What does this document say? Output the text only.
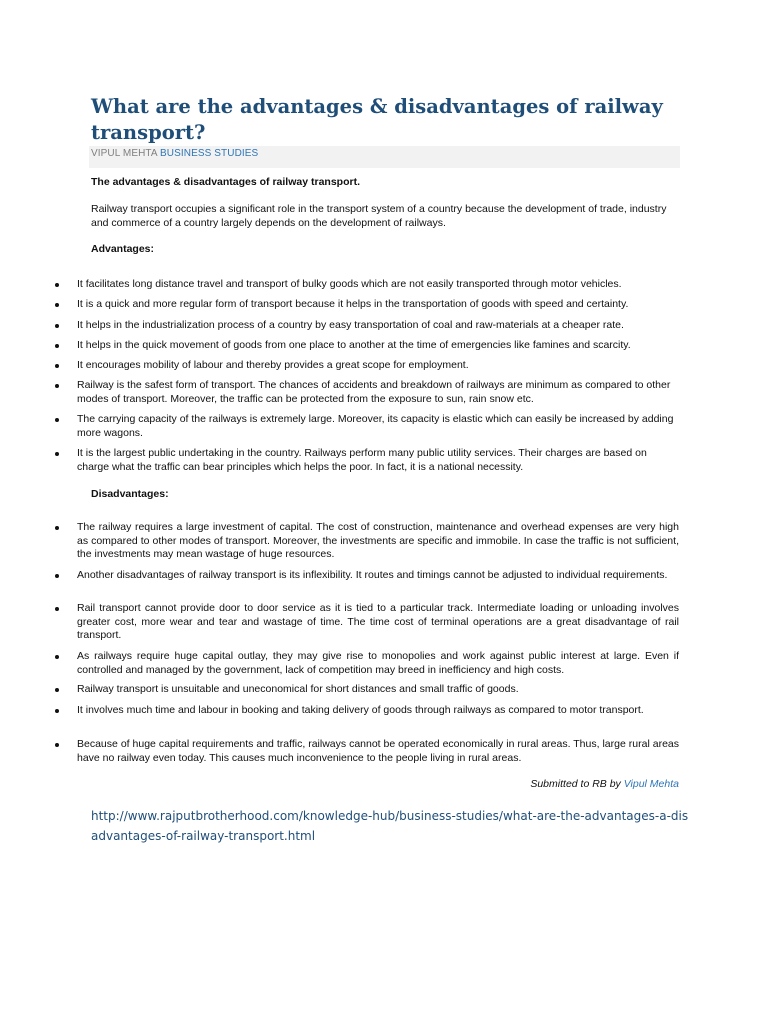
What are the advantages & disadvantages of railway transport?
VIPUL MEHTA BUSINESS STUDIES

The advantages & disadvantages of railway transport.

Railway transport occupies a significant role in the transport system of a country because the development of trade, industry and commerce of a country largely depends on the development of railways.

Advantages:

It facilitates long distance travel and transport of bulky goods which are not easily transported through motor vehicles.
It is a quick and more regular form of transport because it helps in the transportation of goods with speed and certainty.
It helps in the industrialization process of a country by easy transportation of coal and raw-materials at a cheaper rate.
It helps in the quick movement of goods from one place to another at the time of emergencies like famines and scarcity.
It encourages mobility of labour and thereby provides a great scope for employment.
Railway is the safest form of transport. The chances of accidents and breakdown of railways are minimum as compared to other modes of transport. Moreover, the traffic can be protected from the exposure to sun, rain snow etc.
The carrying capacity of the railways is extremely large. Moreover, its capacity is elastic which can easily be increased by adding more wagons.
It is the largest public undertaking in the country. Railways perform many public utility services. Their charges are based on charge what the traffic can bear principles which helps the poor. In fact, it is a national necessity.

Disadvantages:

The railway requires a large investment of capital. The cost of construction, maintenance and overhead expenses are very high as compared to other modes of transport. Moreover, the investments are specific and immobile. In case the traffic is not sufficient, the investments may mean wastage of huge resources.
Another disadvantages of railway transport is its inflexibility. It routes and timings cannot be adjusted to individual requirements.
Rail transport cannot provide door to door service as it is tied to a particular track. Intermediate loading or unloading involves greater cost, more wear and tear and wastage of time. The time cost of terminal operations are a great disadvantage of rail transport.
As railways require huge capital outlay, they may give rise to monopolies and work against public interest at large. Even if controlled and managed by the government, lack of competition may breed in inefficiency and high costs.
Railway transport is unsuitable and uneconomical for short distances and small traffic of goods.
It involves much time and labour in booking and taking delivery of goods through railways as compared to motor transport.
Because of huge capital requirements and traffic, railways cannot be operated economically in rural areas. Thus, large rural areas have no railway even today. This causes much inconvenience to the people living in rural areas.

Submitted to RB by Vipul Mehta

http://www.rajputbrotherhood.com/knowledge-hub/business-studies/what-are-the-advantages-a-disadvantages-of-railway-transport.html
